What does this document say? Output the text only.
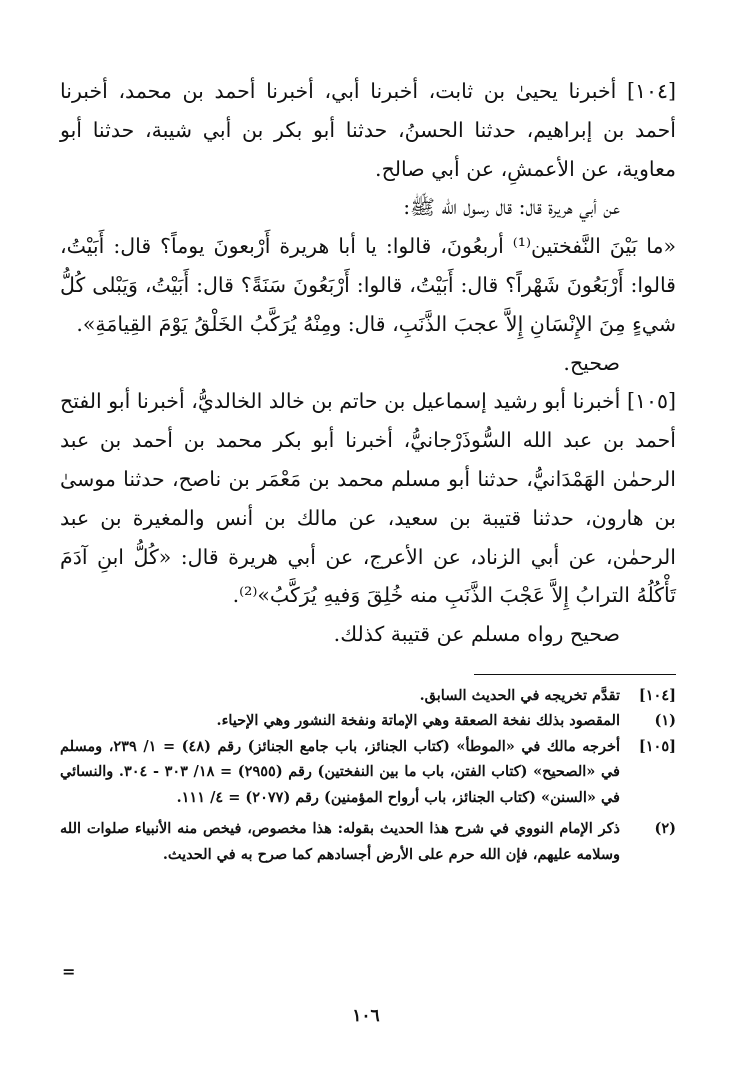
[١٠٤] أخبرنا يحيىٰ بن ثابت، أخبرنا أبي، أخبرنا أحمد بن محمد، أخبرنا أحمد بن إبراهيم، حدثنا الحسنُ، حدثنا أبو بكر بن أبي شيبة، حدثنا أبو معاوية، عن الأعمشِ، عن أبي صالح.

عن أبي هريرة قال: قال رسول الله ﷺ:

«ما بَيْنَ النَّفختين⁽¹⁾ أربعُونَ، قالوا: يا أبا هريرة أَرْبعونَ يوماً؟ قال: أَبَيْتُ، قالوا: أَرْبَعُونَ شَهْراً؟ قال: أَبَيْتُ، قالوا: أَرْبَعُونَ سَنَةً؟ قال: أَبَيْتُ، وَيَبْلى كُلُّ شيءٍ مِنَ الإِنْسَانِ إِلاَّ عجبَ الذَّنَبِ، قال: ومِنْهُ يُرَكَّبُ الخَلْقُ يَوْمَ القِيامَةِ».

صحيح.

[١٠٥] أخبرنا أبو رشيد إسماعيل بن حاتم بن خالد الخالديُّ، أخبرنا أبو الفتح أحمد بن عبد الله السُّوذَرْجانيُّ، أخبرنا أبو بكر محمد بن أحمد بن عبد الرحمٰن الهَمْدَانيُّ، حدثنا أبو مسلم محمد بن مَعْمَر بن ناصح، حدثنا موسىٰ بن هارون، حدثنا قتيبة بن سعيد، عن مالك بن أنس والمغيرة بن عبد الرحمٰن، عن أبي الزناد، عن الأعرج، عن أبي هريرة قال: «كُلُّ ابنِ آدَمَ تَأْكُلُهُ الترابُ إِلاَّ عَجْبَ الذَّنَبِ منه خُلِقَ وَفيهِ يُرَكَّبُ»⁽²⁾.

صحيح رواه مسلم عن قتيبة كذلك.

[١٠٤]
تقدَّم تخريجه في الحديث السابق.
(١)
المقصود بذلك نفخة الصعقة وهي الإماتة ونفخة النشور وهي الإحياء.
[١٠٥]
أخرجه مالك في «الموطأ» (كتاب الجنائز، باب جامع الجنائز) رقم (٤٨) = ١/ ٢٣٩، ومسلم في «الصحيح» (كتاب الفتن، باب ما بين النفختين) رقم (٢٩٥٥) = ١٨/ ٣٠٣ - ٣٠٤. والنسائي في «السنن» (كتاب الجنائز، باب أرواح المؤمنين) رقم (٢٠٧٧) = ٤/ ١١١.
(٢)
ذكر الإمام النووي في شرح هذا الحديث بقوله: هذا مخصوص، فيخص منه الأنبياء صلوات الله وسلامه عليهم، فإن الله حرم على الأرض أجسادهم كما صرح به في الحديث.
=
١٠٦
